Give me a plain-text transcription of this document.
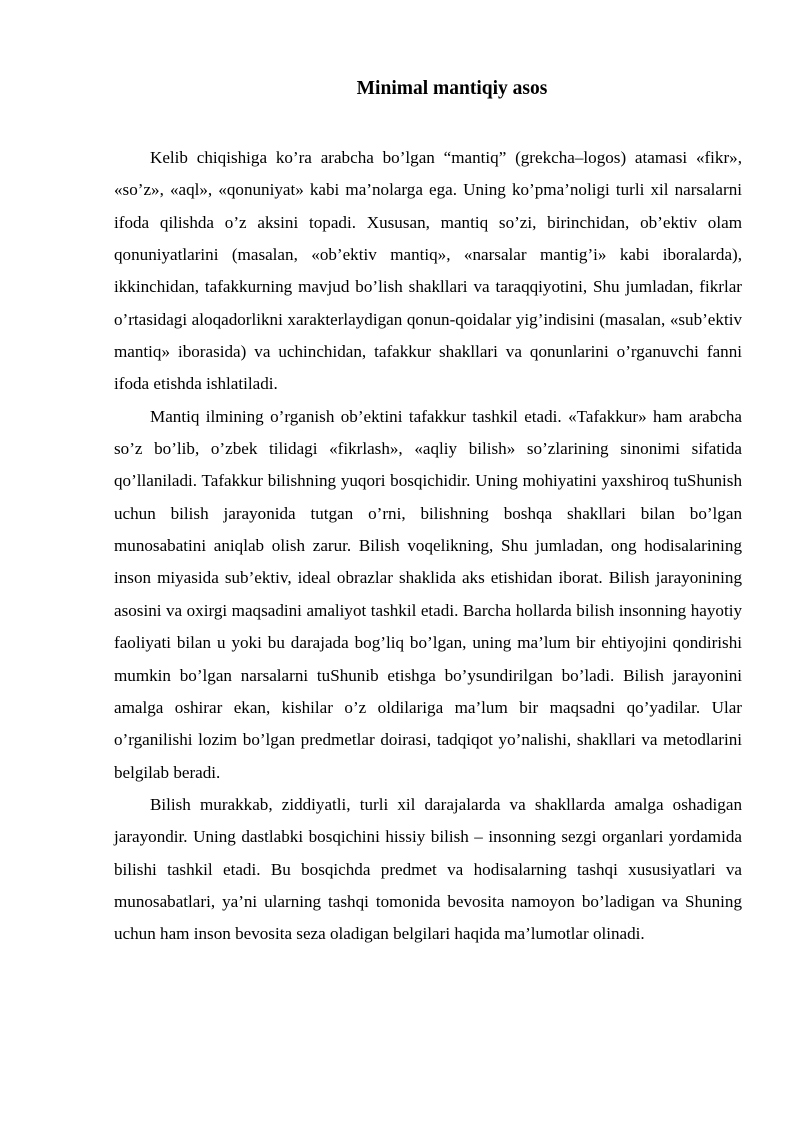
Minimal mantiqiy asos

Kelib chiqishiga ko’ra arabcha bo’lgan “mantiq” (grekcha–logos) atamasi «fikr», «so’z», «aql», «qonuniyat» kabi ma’nolarga ega. Uning ko’pma’noligi turli xil narsalarni ifoda qilishda o’z aksini topadi. Xususan, mantiq so’zi, birinchidan, ob’ektiv olam qonuniyatlarini (masalan, «ob’ektiv mantiq», «narsalar mantig’i» kabi iboralarda), ikkinchidan, tafakkurning mavjud bo’lish shakllari va taraqqiyotini, Shu jumladan, fikrlar o’rtasidagi aloqadorlikni xarakterlaydigan qonun-qoidalar yig’indisini (masalan, «sub’ektiv mantiq» iborasida) va uchinchidan, tafakkur shakllari va qonunlarini o’rganuvchi fanni ifoda etishda ishlatiladi.

Mantiq ilmining o’rganish ob’ektini tafakkur tashkil etadi. «Tafakkur» ham arabcha so’z bo’lib, o’zbek tilidagi «fikrlash», «aqliy bilish» so’zlarining sinonimi sifatida qo’llaniladi. Tafakkur bilishning yuqori bosqichidir. Uning mohiyatini yaxshiroq tuShunish uchun bilish jarayonida tutgan o’rni, bilishning boshqa shakllari bilan bo’lgan munosabatini aniqlab olish zarur. Bilish voqelikning, Shu jumladan, ong hodisalarining inson miyasida sub’ektiv, ideal obrazlar shaklida aks etishidan iborat. Bilish jarayonining asosini va oxirgi maqsadini amaliyot tashkil etadi. Barcha hollarda bilish insonning hayotiy faoliyati bilan u yoki bu darajada bog’liq bo’lgan, uning ma’lum bir ehtiyojini qondirishi mumkin bo’lgan narsalarni tuShunib etishga bo’ysundirilgan bo’ladi. Bilish jarayonini amalga oshirar ekan, kishilar o’z oldilariga ma’lum bir maqsadni qo’yadilar. Ular o’rganilishi lozim bo’lgan predmetlar doirasi, tadqiqot yo’nalishi, shakllari va metodlarini belgilab beradi.

Bilish murakkab, ziddiyatli, turli xil darajalarda va shakllarda amalga oshadigan jarayondir. Uning dastlabki bosqichini hissiy bilish – insonning sezgi organlari yordamida bilishi tashkil etadi. Bu bosqichda predmet va hodisalarning tashqi xususiyatlari va munosabatlari, ya’ni ularning tashqi tomonida bevosita namoyon bo’ladigan va Shuning uchun ham inson bevosita seza oladigan belgilari haqida ma’lumotlar olinadi.
